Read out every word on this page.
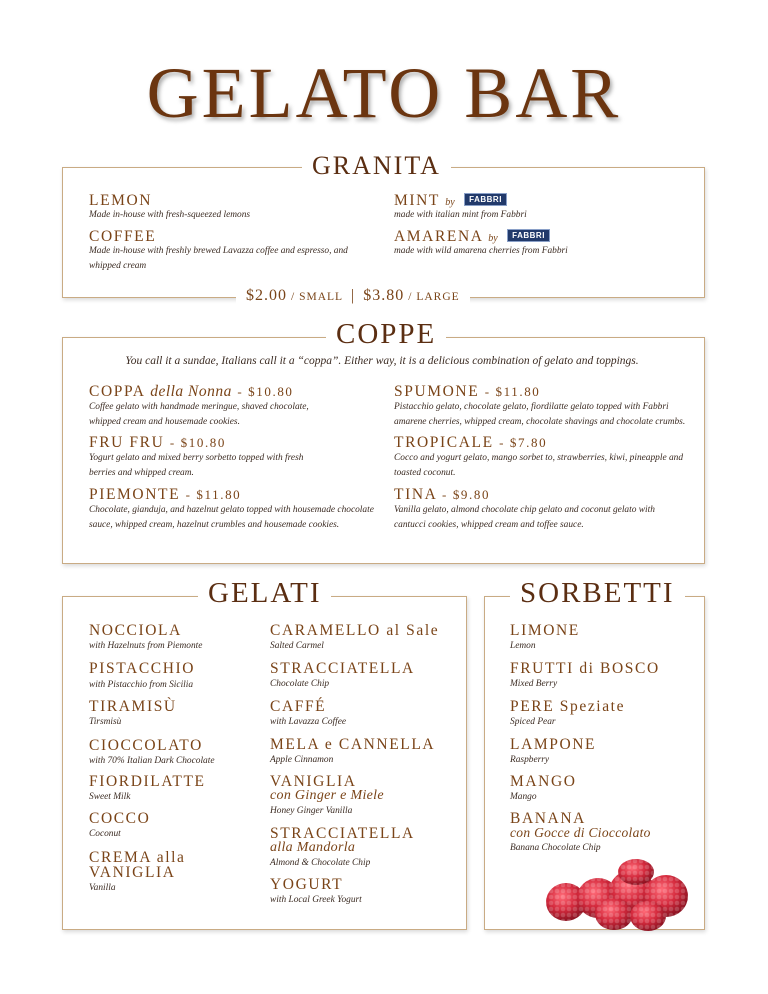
GELATO BAR
GRANITA
LEMON
Made in-house with fresh-squeezed lemons
COFFEE
Made in-house with freshly brewed Lavazza coffee and espresso, and whipped cream
MINT by FABBRI
made with italian mint from Fabbri
AMARENA by FABBRI
made with wild amarena cherries from Fabbri
$2.00 / SMALL | $3.80 / LARGE
COPPE
You call it a sundae, Italians call it a “coppa”. Either way, it is a delicious combination of gelato and toppings.
COPPA della Nonna - $10.80
Coffee gelato with handmade meringue, shaved chocolate, whipped cream and housemade cookies.
FRU FRU - $10.80
Yogurt gelato and mixed berry sorbetto topped with fresh berries and whipped cream.
PIEMONTE - $11.80
Chocolate, gianduja, and hazelnut gelato topped with housemade chocolate sauce, whipped cream, hazelnut crumbles and housemade cookies.
SPUMONE - $11.80
Pistacchio gelato, chocolate gelato, fiordilatte gelato topped with Fabbri amarene cherries, whipped cream, chocolate shavings and chocolate crumbs.
TROPICALE - $7.80
Cocco and yogurt gelato, mango sorbet to, strawberries, kiwi, pineapple and toasted coconut.
TINA - $9.80
Vanilla gelato, almond chocolate chip gelato and coconut gelato with cantucci cookies, whipped cream and toffee sauce.
GELATI
NOCCIOLA
with Hazelnuts from Piemonte
PISTACCHIO
with Pistacchio from Sicilia
TIRAMISÙ
Tirsmisù
CIOCCOLATO
with 70% Italian Dark Chocolate
FIORDILATTE
Sweet Milk
COCCO
Coconut
CREMA alla
VANIGLIA
Vanilla
CARAMELLO al Sale
Salted Carmel
STRACCIATELLA
Chocolate Chip
CAFFÉ
with Lavazza Coffee
MELA e CANNELLA
Apple Cinnamon
VANIGLIA
con Ginger e Miele
Honey Ginger Vanilla
STRACCIATELLA
alla Mandorla
Almond & Chocolate Chip
YOGURT
with Local Greek Yogurt
SORBETTI
LIMONE
Lemon
FRUTTI di BOSCO
Mixed Berry
PERE Speziate
Spiced Pear
LAMPONE
Raspberry
MANGO
Mango
BANANA
con Gocce di Cioccolato
Banana Chocolate Chip
